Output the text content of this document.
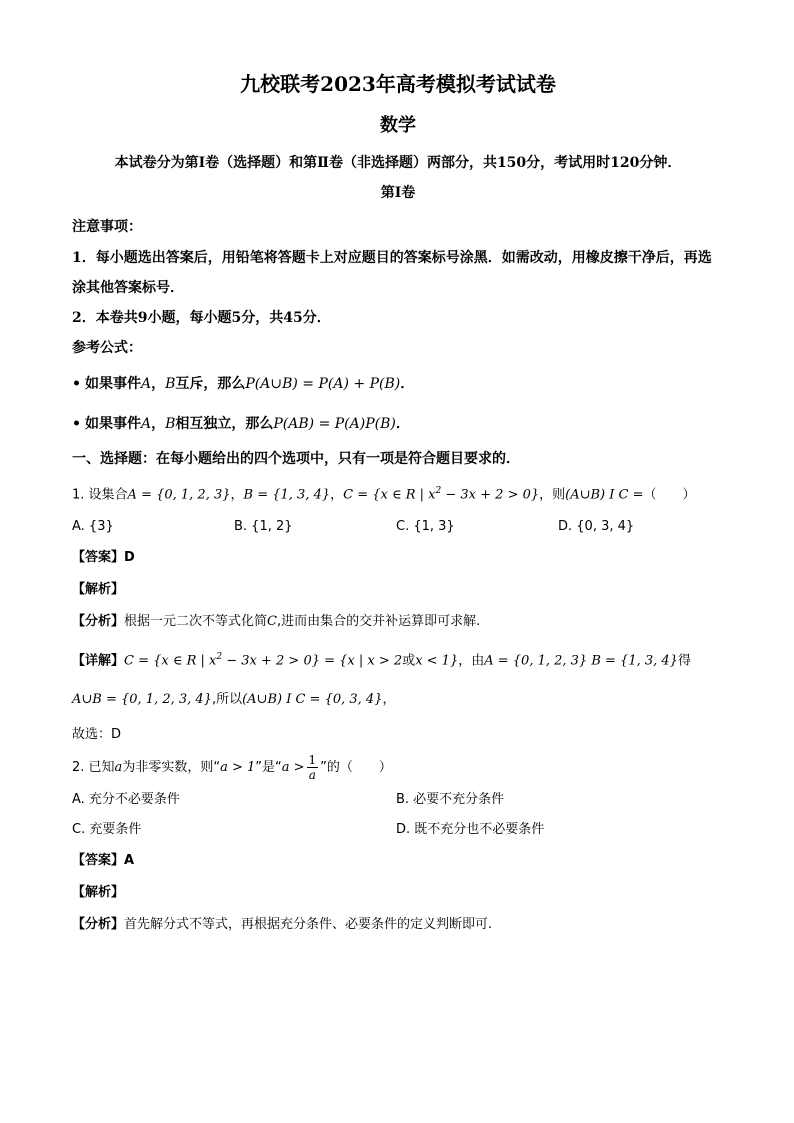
九校联考2023年高考模拟考试试卷
数学
本试卷分为第Ⅰ卷（选择题）和第Ⅱ卷（非选择题）两部分，共150分，考试用时120分钟．
第Ⅰ卷
注意事项：
1．每小题选出答案后，用铅笔将答题卡上对应题目的答案标号涂黑．如需改动，用橡皮擦干净后，再选涂其他答案标号．
2．本卷共9小题，每小题5分，共45分．
参考公式：
• 如果事件A，B互斥，那么P(A∪B) = P(A) + P(B)．
• 如果事件A，B相互独立，那么P(AB) = P(A)P(B)．
一、选择题：在每小题给出的四个选项中，只有一项是符合题目要求的．
1. 设集合A = {0, 1, 2, 3}，B = {1, 3, 4}，C = {x ∈ R | $x^2 - 3x + 2 > 0$}，则(A∪B) I C =（　　）
A. {3}	B. {1, 2}	C. {1, 3}	D. {0, 3, 4}
【答案】D
【解析】
【分析】根据一元二次不等式化简C,进而由集合的交并补运算即可求解.
【详解】C = {x ∈ R | $x^2 - 3x + 2 > 0\} = \{x$ | x > 2或x < 1}，由A = {0, 1, 2, 3} B = {1, 3, 4}得
A∪B = {0, 1, 2, 3, 4},所以(A∪B) I C = {0, 3, 4}，
故选：D
2. 已知a为非零实数，则“a > 1”是“$a > \frac{1}{a}$ ”的（　　）
A. 充分不必要条件	B. 必要不充分条件
C. 充要条件	D. 既不充分也不必要条件
【答案】A
【解析】
【分析】首先解分式不等式，再根据充分条件、必要条件的定义判断即可.
